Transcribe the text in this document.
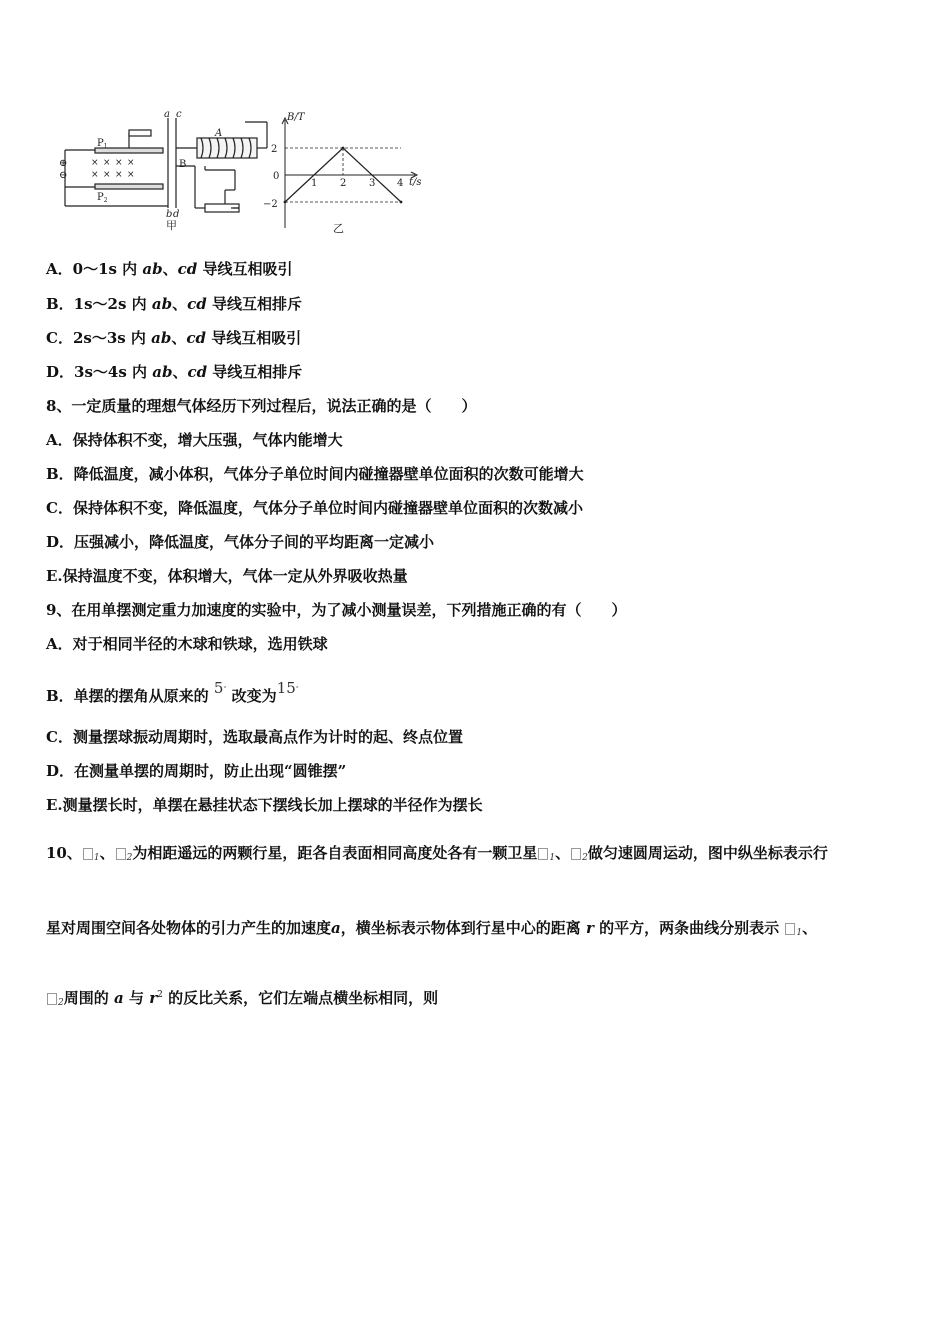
× × × ×
× × × ×
⊕
⊖
a c
b d
A
B
$P_1$
$P_2$
甲
B/T
t/s
2
0
−2
1 2 3 4
乙
A．0～1s 内 ab、cd 导线互相吸引
B．1s～2s 内 ab、cd 导线互相排斥
C．2s～3s 内 ab、cd 导线互相吸引
D．3s～4s 内 ab、cd 导线互相排斥
8、一定质量的理想气体经历下列过程后，说法正确的是（　　）
A．保持体积不变，增大压强，气体内能增大
B．降低温度，减小体积，气体分子单位时间内碰撞器壁单位面积的次数可能增大
C．保持体积不变，降低温度，气体分子单位时间内碰撞器壁单位面积的次数减小
D．压强减小，降低温度，气体分子间的平均距离一定减小
E.保持温度不变，体积增大，气体一定从外界吸收热量
9、在用单摆测定重力加速度的实验中，为了减小测量误差，下列措施正确的有（　　）
A．对于相同半径的木球和铁球，选用铁球
B．单摆的摆角从原来的 5° 改变为15°
C．测量摆球振动周期时，选取最高点作为计时的起、终点位置
D．在测量单摆的周期时，防止出现“圆锥摆”
E.测量摆长时，单摆在悬挂状态下摆线长加上摆球的半径作为摆长
10、 $_1$、 $_2$为相距遥远的两颗行星，距各自表面相同高度处各有一颗卫星 $_1$、 $_2$做匀速圆周运动，图中纵坐标表示行
星对周围空间各处物体的引力产生的加速度a，横坐标表示物体到行星中心的距离 r 的平方，两条曲线分别表示 $_1$、
$_2$周围的 a 与 $r^2$ 的反比关系，它们左端点横坐标相同，则
